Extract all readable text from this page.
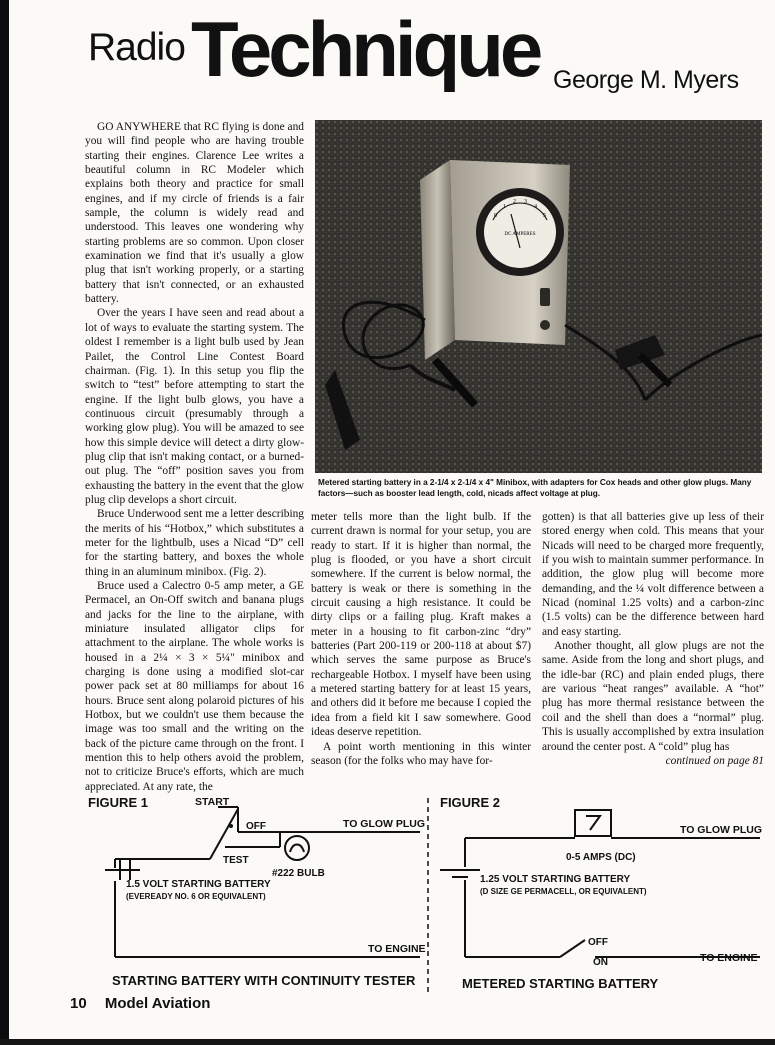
Radio Technique George M. Myers

GO ANYWHERE that RC flying is done and you will find people who are having trouble starting their engines. Clarence Lee writes a beautiful column in RC Modeler which explains both theory and practice for small engines, and if my circle of friends is a fair sample, the column is widely read and understood. This leaves one wondering why starting problems are so common. Upon closer examination we find that it's usually a glow plug that isn't working properly, or a starting battery that isn't connected, or an exhausted battery.

Over the years I have seen and read about a lot of ways to evaluate the starting system. The oldest I remember is a light bulb used by Jean Pailet, the Control Line Contest Board chairman. (Fig. 1). In this setup you flip the switch to “test” before attempting to start the engine. If the light bulb glows, you have a continuous circuit (presumably through a working glow plug). You will be amazed to see how this simple device will detect a dirty glow-plug clip that isn't making contact, or a burned-out plug. The “off” position saves you from exhausting the battery in the event that the glow plug clip develops a short circuit.

Bruce Underwood sent me a letter describing the merits of his “Hotbox,” which substitutes a meter for the lightbulb, uses a Nicad “D” cell for the starting battery, and boxes the whole thing in an aluminum minibox. (Fig. 2).

Bruce used a Calectro 0-5 amp meter, a GE Permacel, an On-Off switch and banana plugs and jacks for the line to the airplane, with miniature insulated alligator clips for attachment to the airplane. The whole works is housed in a 2¼ × 3 × 5¼" minibox and charging is done using a modified slot-car power pack set at 80 milliamps for about 16 hours. Bruce sent along polaroid pictures of his Hotbox, but we couldn't use them because the image was too small and the writing on the back of the picture came through on the front. I mention this to help others avoid the problem, not to criticize Bruce's efforts, which are much appreciated. At any rate, the

0
1
2 3
4
5
DC AMPERES
Metered starting battery in a 2-1/4 x 2-1/4 x 4" Minibox, with adapters for Cox heads and other glow plugs. Many factors—such as booster lead length, cold, nicads affect voltage at plug.

meter tells more than the light bulb. If the current drawn is normal for your setup, you are ready to start. If it is higher than normal, the plug is flooded, or you have a short circuit somewhere. If the current is below normal, the battery is weak or there is something in the circuit causing a high resistance. It could be dirty clips or a failing plug. Kraft makes a meter in a housing to fit carbon-zinc “dry” batteries (Part 200-119 or 200-118 at about $7) which serves the same purpose as Bruce's rechargeable Hotbox. I myself have been using a metered starting battery for at least 15 years, and others did it before me because I copied the idea from a field kit I saw somewhere. Good ideas deserve repetition.

A point worth mentioning in this winter season (for the folks who may have for-

gotten) is that all batteries give up less of their stored energy when cold. This means that your Nicads will need to be charged more frequently, if you wish to maintain summer performance. In addition, the glow plug will become more demanding, and the ¼ volt difference between a Nicad (nominal 1.25 volts) and a carbon-zinc (1.5 volts) can be the difference between hard and easy starting.

Another thought, all glow plugs are not the same. Aside from the long and short plugs, and the idle-bar (RC) and plain ended plugs, there are various “heat ranges” available. A “hot” plug has more thermal resistance between the coil and the shell than does a “normal” plug. This is usually accomplished by extra insulation around the center post. A “cold” plug has

continued on page 81
FIGURE 1	START
OFF
TEST
TO GLOW PLUG
#222 BULB
1.5 VOLT STARTING BATTERY
(EVEREADY NO. 6 OR EQUIVALENT)
TO ENGINE
STARTING BATTERY WITH CONTINUITY TESTER
FIGURE 2
0-5 AMPS (DC)
TO GLOW PLUG
1.25 VOLT STARTING BATTERY
(D SIZE GE PERMACELL, OR EQUIVALENT)
OFF
ON	TO ENGINE
METERED STARTING BATTERY
10 Model Aviation
